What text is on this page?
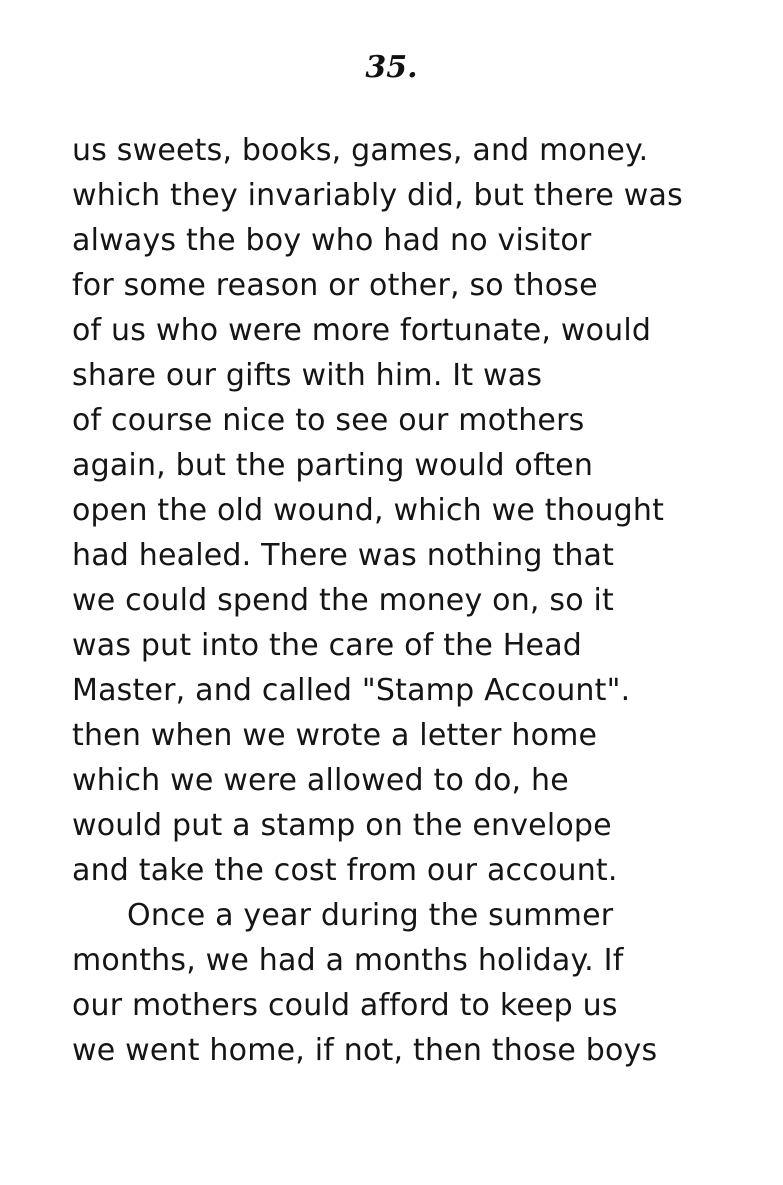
35.
us sweets, books, games, and money.
which they invariably did, but there was
always the boy who had no visitor
for some reason or other, so those
of us who were more fortunate, would
share our gifts with him. It was
of course nice to see our mothers
again, but the parting would often
open the old wound, which we thought
had healed. There was nothing that
we could spend the money on, so it
was put into the care of the Head
Master, and called "Stamp Account".
then when we wrote a letter home
which we were allowed to do, he
would put a stamp on the envelope
and take the cost from our account.
Once a year during the summer
months, we had a months holiday. If
our mothers could afford to keep us
we went home, if not, then those boys
